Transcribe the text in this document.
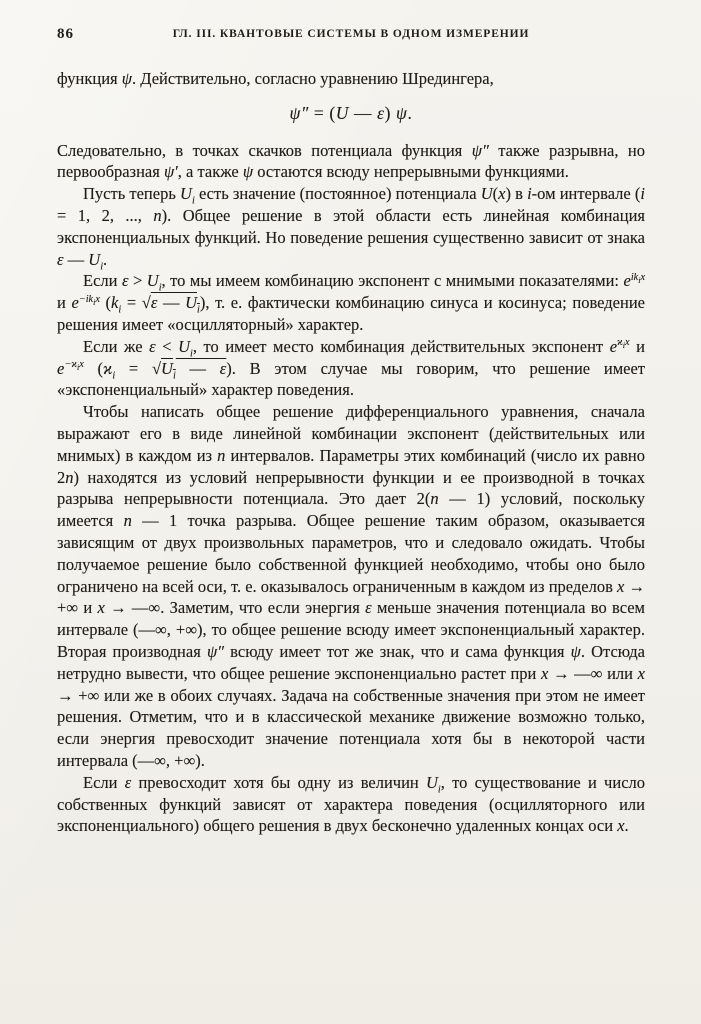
86	ГЛ. III. КВАНТОВЫЕ СИСТЕМЫ В ОДНОМ ИЗМЕРЕНИИ

функция ψ. Действительно, согласно уравнению Шредингера,

ψ″ = (U — ε) ψ.

Следовательно, в точках скачков потенциала функция ψ″ также разрывна, но первообразная ψ′, а также ψ остаются всюду непрерывными функциями.

Пусть теперь $U_i$ есть значение (постоянное) потенциала U(x) в i-ом интервале (i = 1, 2, ..., n). Общее решение в этой области есть линейная комбинация экспоненциальных функций. Но поведение решения существенно зависит от знака ε — $U_i$.

Если $\varepsilon > U_i$, то мы имеем комбинацию экспонент с мнимыми показателями: $e^{ik_ix}$ и $e^{-ik_ix}$ ($k_i = √\varepsilon$ — $U_i$), т. е. фактически комбинацию синуса и косинуса; поведение решения имеет «осцилляторный» характер.

Если же $\varepsilon < U_i$, то имеет место комбинация действительных экспонент $e^{ϰ_ix}$ и $e^{-ϰ_ix}$ ($ϰ_i = √U_i$ — ε). В этом случае мы говорим, что решение имеет «экспоненциальный» характер поведения.

Чтобы написать общее решение дифференциального уравнения, сначала выражают его в виде линейной комбинации экспонент (действительных или мнимых) в каждом из n интервалов. Параметры этих комбинаций (число их равно 2n) находятся из условий непрерывности функции и ее производной в точках разрыва непрерывности потенциала. Это дает 2(n — 1) условий, поскольку имеется n — 1 точка разрыва. Общее решение таким образом, оказывается зависящим от двух произвольных параметров, что и следовало ожидать. Чтобы получаемое решение было собственной функцией необходимо, чтобы оно было ограничено на всей оси, т. е. оказывалось ограниченным в каждом из пределов x → +∞ и x → —∞. Заметим, что если энергия ε меньше значения потенциала во всем интервале (—∞, +∞), то общее решение всюду имеет экспоненциальный характер. Вторая производная ψ″ всюду имеет тот же знак, что и сама функция ψ. Отсюда нетрудно вывести, что общее решение экспоненциально растет при x → —∞ или x → +∞ или же в обоих случаях. Задача на собственные значения при этом не имеет решения. Отметим, что и в классической механике движение возможно только, если энергия превосходит значение потенциала хотя бы в некоторой части интервала (—∞, +∞).

Если ε превосходит хотя бы одну из величин $U_i$, то существование и число собственных функций зависят от характера поведения (осцилляторного или экспоненциального) общего решения в двух бесконечно удаленных концах оси x.
